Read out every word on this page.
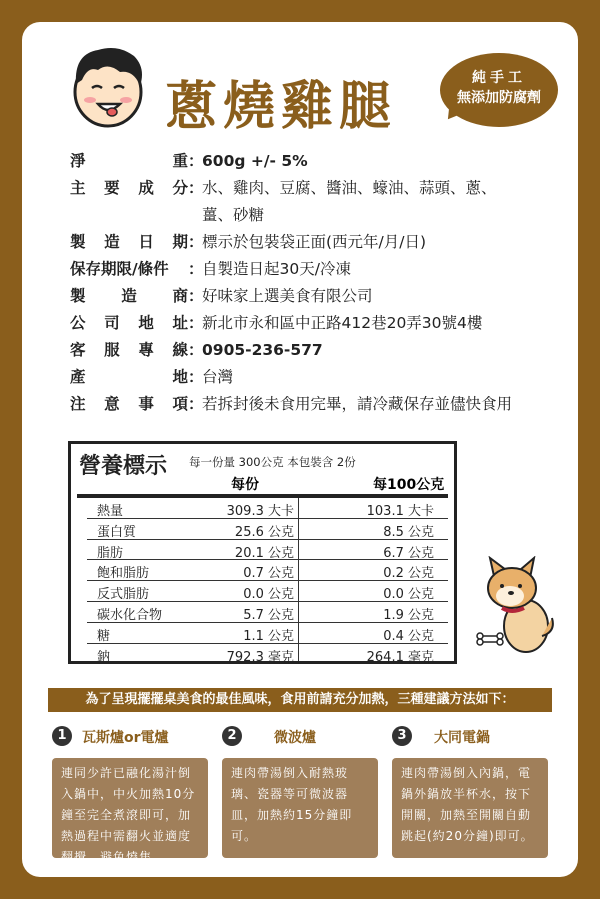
蔥燒雞腿	純手工
無添加防腐劑
淨	重 ：
600g +/- 5%
主 要 成 分 ：
水、雞肉、豆腐、醬油、蠔油、蒜頭、蔥、
薑、砂糖
製 造 日 期 ：
標示於包裝袋正面(西元年/月/日)
保存期限/條件	：
自製造日起30天/冷凍
製 造 商 ：
好味家上選美食有限公司
公 司 地 址 ：
新北市永和區中正路412巷20弄30號4樓
客 服 專 線 ：
0905-236-577
產	地 ：
台灣
注 意 事 項 ：
若拆封後未食用完畢，請冷藏保存並儘快食用
營養標示 每一份量 300公克 本包裝含 2份
每份	每100公克
熱量	309.3 大卡	103.1 大卡
蛋白質	25.6 公克	8.5 公克
脂肪	20.1 公克	6.7 公克
飽和脂肪	0.7 公克	0.2 公克
反式脂肪	0.0 公克	0.0 公克
碳水化合物	5.7 公克	1.9 公克
糖	1.1 公克	0.4 公克
鈉	792.3 毫克	264.1 毫克
為了呈現擺擺桌美食的最佳風味，食用前請充分加熱，三種建議方法如下：
1	瓦斯爐or電爐
連同少許已融化湯汁倒入鍋中，中火加熱10分鐘至完全煮滾即可，加熱過程中需翻火並適度翻攪，避免燒焦。
2	微波爐
連肉帶湯倒入耐熱玻璃、瓷器等可微波器皿，加熱約15分鐘即可。
3	大同電鍋
連肉帶湯倒入內鍋，電鍋外鍋放半杯水，按下開關，加熱至開關自動跳起(約20分鐘)即可。
